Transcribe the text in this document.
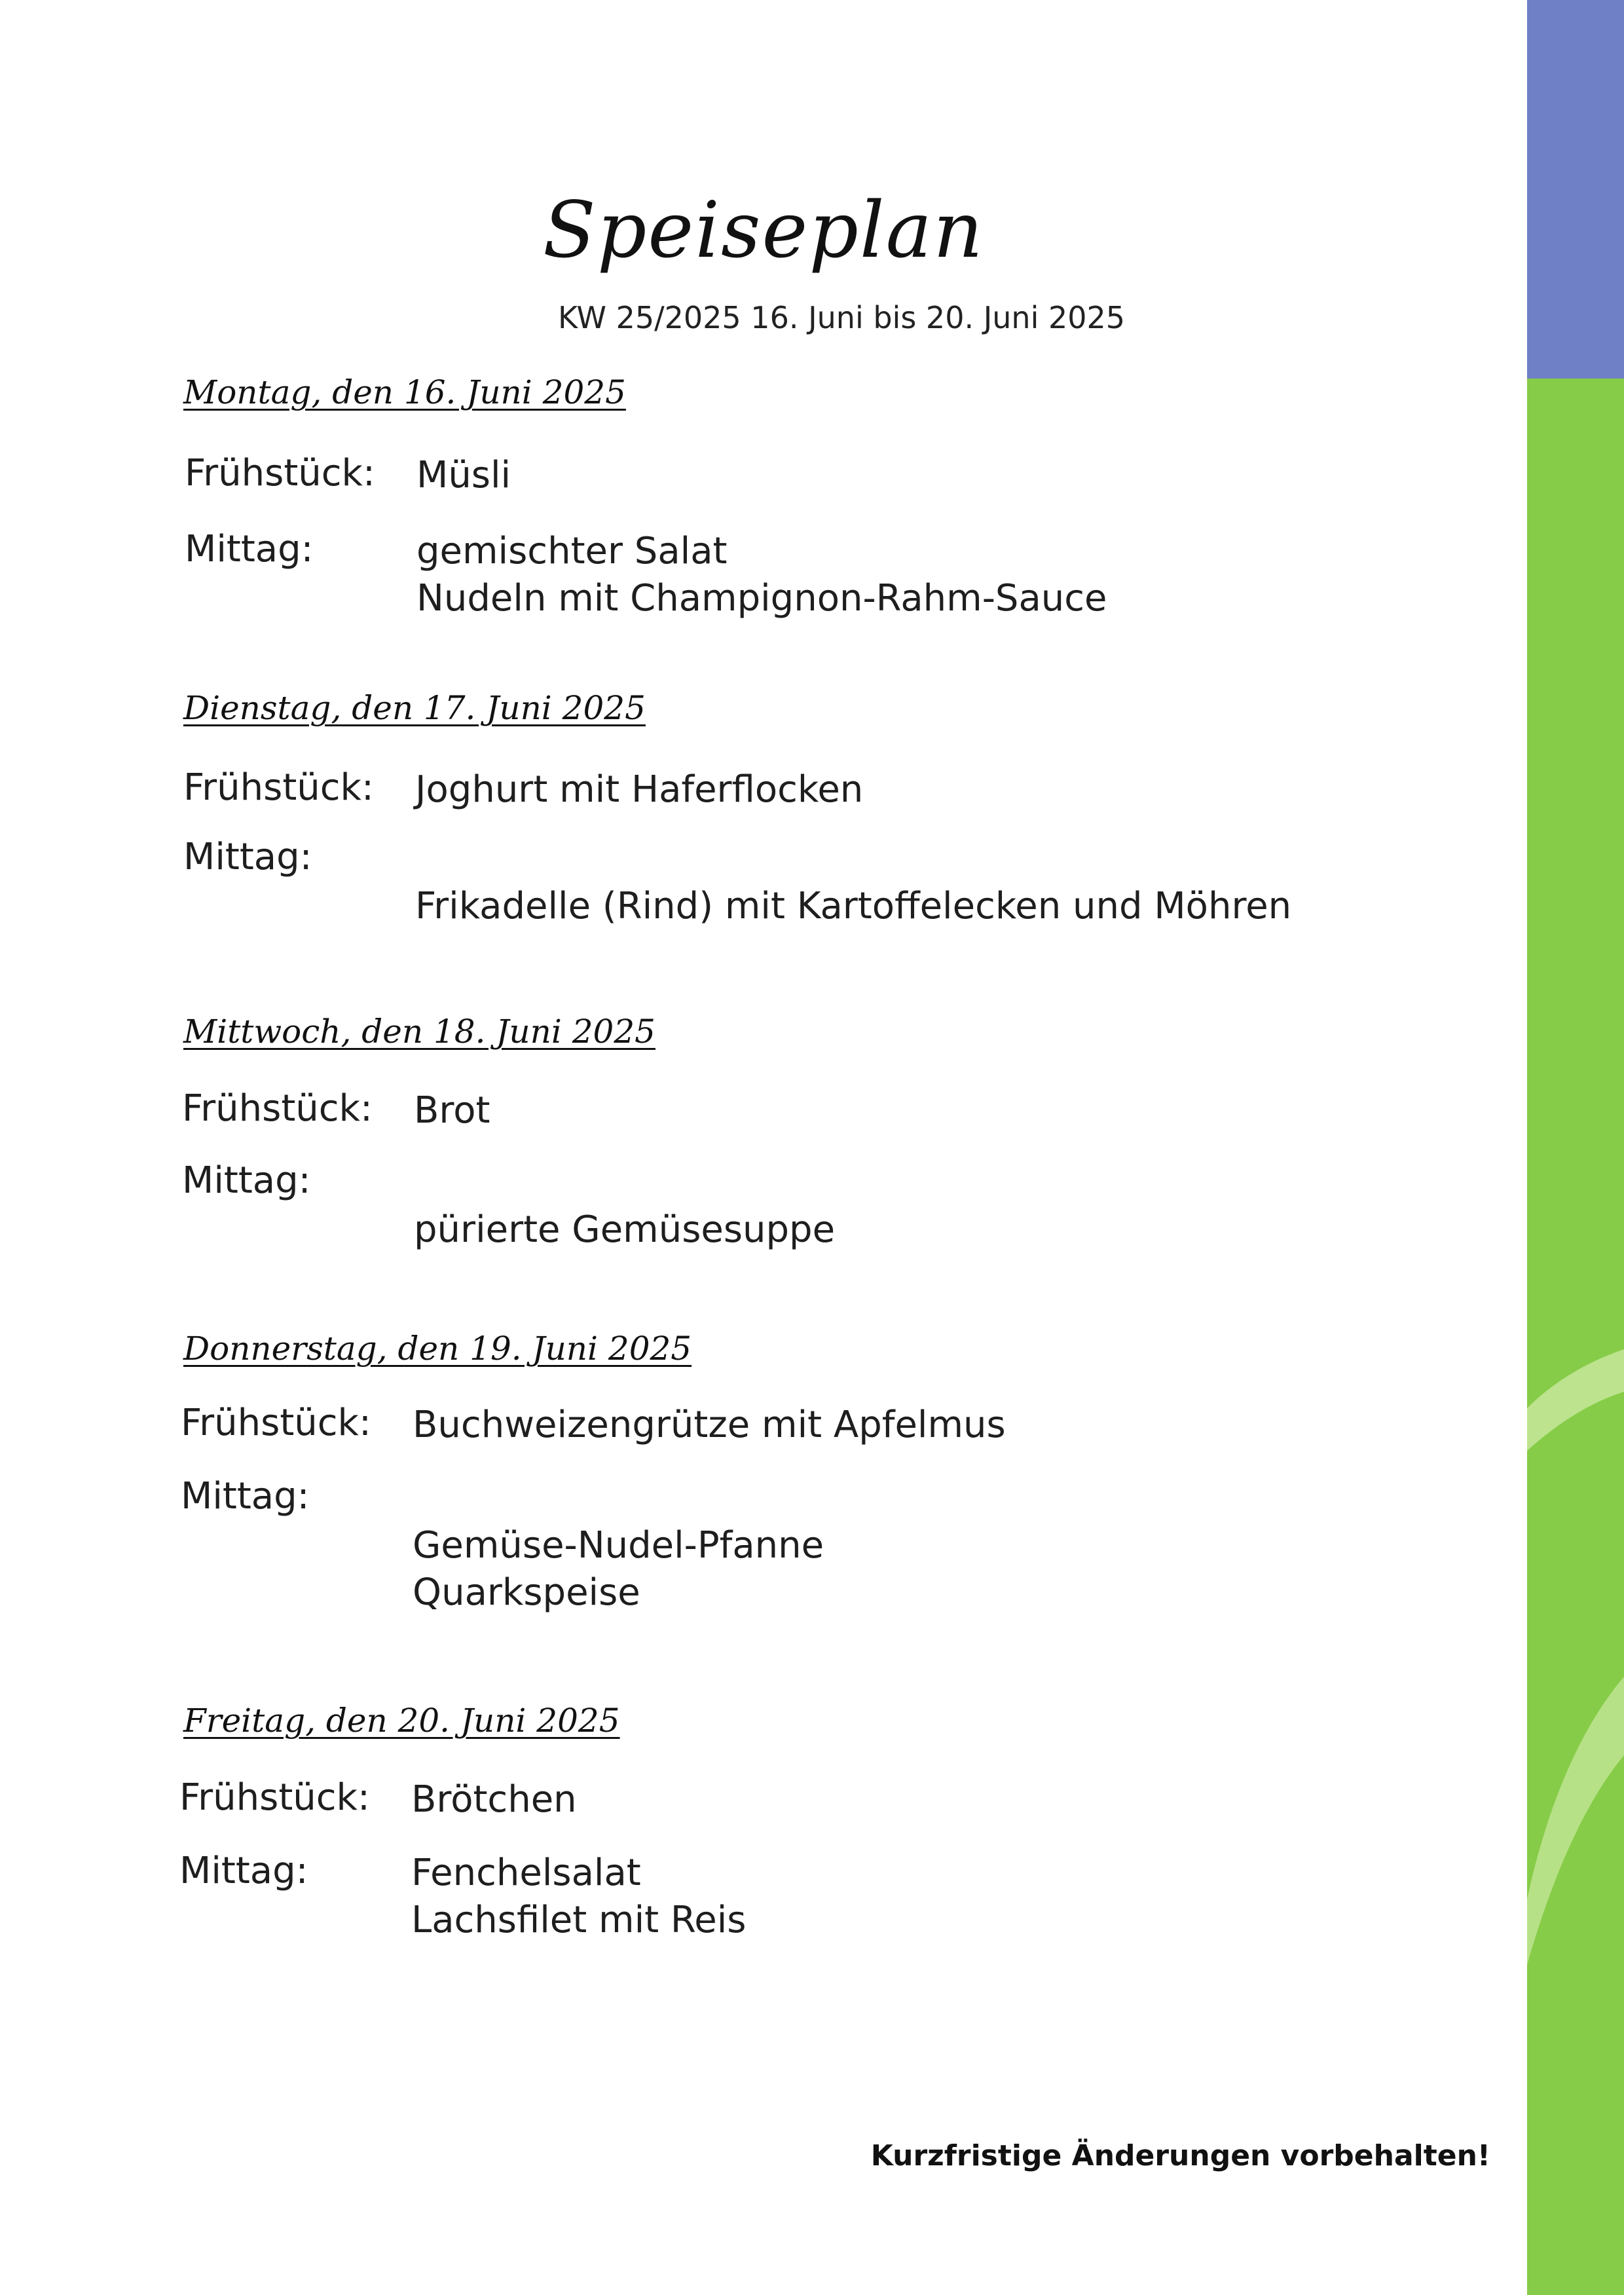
Speiseplan
KW 25/2025 16. Juni bis 20. Juni 2025
Montag, den 16. Juni 2025
Frühstück: Müsli
Mittag:	gemischter Salat
Nudeln mit Champignon-Rahm-Sauce
Dienstag, den 17. Juni 2025
Frühstück: Joghurt mit Haferflocken
Mittag:
Frikadelle (Rind) mit Kartoffelecken und Möhren
Mittwoch, den 18. Juni 2025
Frühstück: Brot
Mittag:
pürierte Gemüsesuppe
Donnerstag, den 19. Juni 2025
Frühstück: Buchweizengrütze mit Apfelmus
Mittag:
Gemüse-Nudel-Pfanne
Quarkspeise
Freitag, den 20. Juni 2025
Frühstück: Brötchen
Mittag:	Fenchelsalat
Lachsfilet mit Reis
Kurzfristige Änderungen vorbehalten!
